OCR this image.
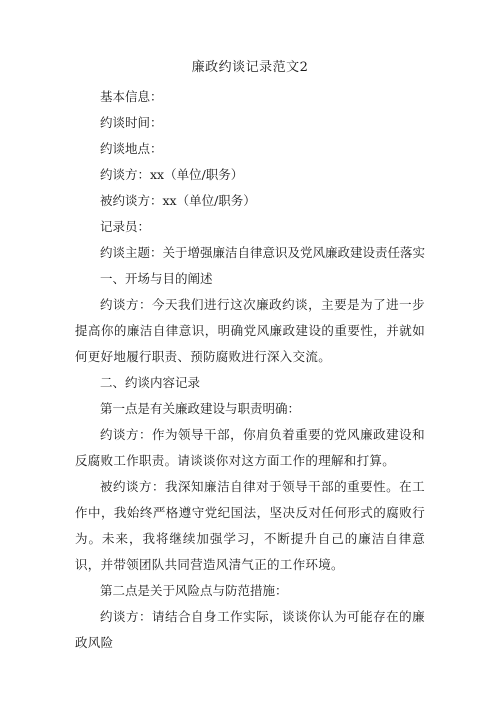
廉政约谈记录范文2

基本信息：

约谈时间：

约谈地点：

约谈方：xx（单位/职务）

被约谈方：xx（单位/职务）

记录员：

约谈主题：关于增强廉洁自律意识及党风廉政建设责任落实

一、开场与目的阐述

约谈方：今天我们进行这次廉政约谈，主要是为了进一步提高你的廉洁自律意识，明确党风廉政建设的重要性，并就如何更好地履行职责、预防腐败进行深入交流。

二、约谈内容记录

第一点是有关廉政建设与职责明确：

约谈方：作为领导干部，你肩负着重要的党风廉政建设和反腐败工作职责。请谈谈你对这方面工作的理解和打算。

被约谈方：我深知廉洁自律对于领导干部的重要性。在工作中，我始终严格遵守党纪国法，坚决反对任何形式的腐败行为。未来，我将继续加强学习，不断提升自己的廉洁自律意识，并带领团队共同营造风清气正的工作环境。

第二点是关于风险点与防范措施：

约谈方：请结合自身工作实际，谈谈你认为可能存在的廉政风险
